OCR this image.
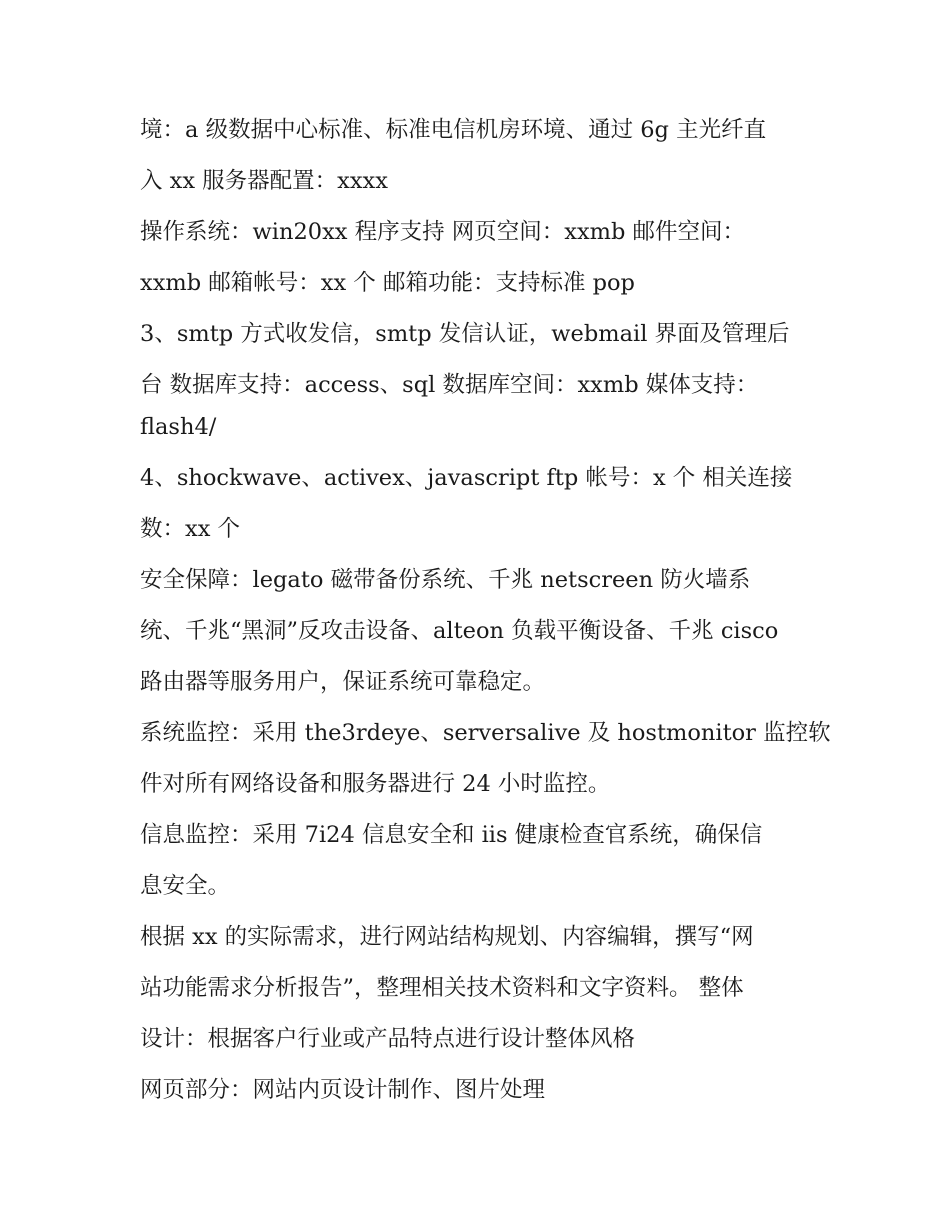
境：a 级数据中心标准、标准电信机房环境、通过 6g 主光纤直
入 xx 服务器配置：xxxx
操作系统：win20xx 程序支持 网页空间：xxmb 邮件空间：
xxmb 邮箱帐号：xx 个 邮箱功能：支持标准 pop
3、smtp 方式收发信，smtp 发信认证，webmail 界面及管理后
台 数据库支持：access、sql 数据库空间：xxmb 媒体支持：
flash4/
4、shockwave、activex、javascript ftp 帐号：x 个 相关连接
数：xx 个
安全保障：legato 磁带备份系统、千兆 netscreen 防火墙系
统、千兆“黑洞”反攻击设备、alteon 负载平衡设备、千兆 cisco
路由器等服务用户，保证系统可靠稳定。
系统监控：采用 the3rdeye、serversalive 及 hostmonitor 监控软
件对所有网络设备和服务器进行 24 小时监控。
信息监控：采用 7i24 信息安全和 iis 健康检查官系统，确保信
息安全。
根据 xx 的实际需求，进行网站结构规划、内容编辑，撰写“网
站功能需求分析报告”，整理相关技术资料和文字资料。 整体
设计：根据客户行业或产品特点进行设计整体风格
网页部分：网站内页设计制作、图片处理
